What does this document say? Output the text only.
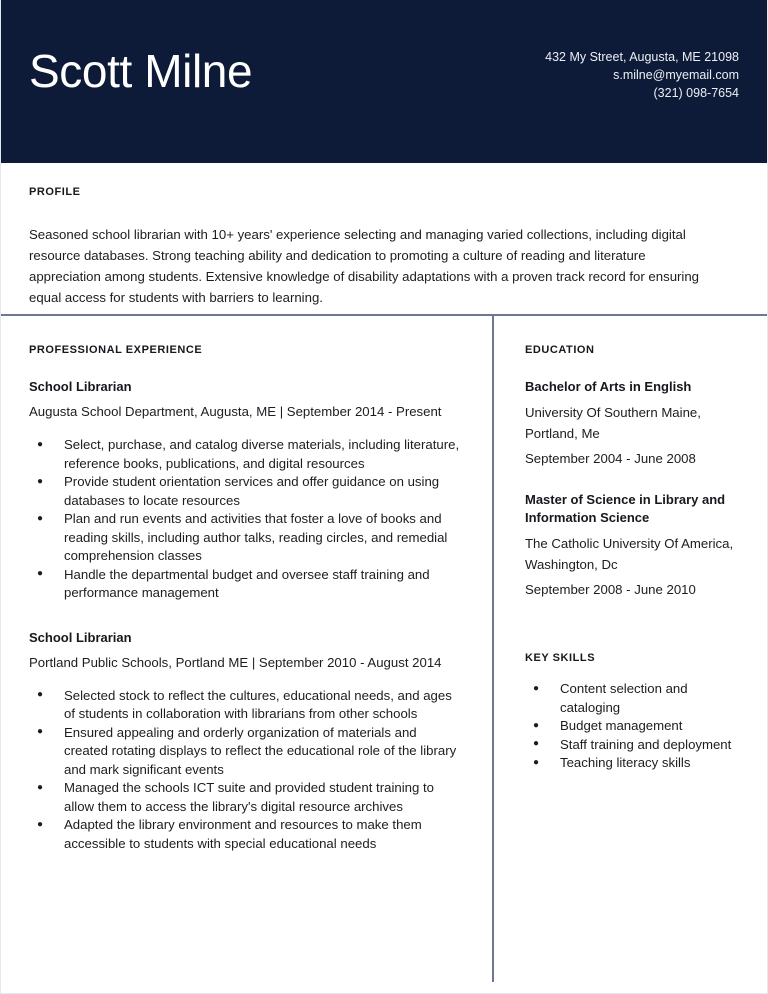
Scott Milne	432 My Street, Augusta, ME 21098
s.milne@myemail.com
(321) 098-7654
PROFILE
Seasoned school librarian with 10+ years' experience selecting and managing varied collections, including digital resource databases. Strong teaching ability and dedication to promoting a culture of reading and literature appreciation among students. Extensive knowledge of disability adaptations with a proven track record for ensuring equal access for students with barriers to learning.
PROFESSIONAL EXPERIENCE
School Librarian
Augusta School Department, Augusta, ME | September 2014 - Present
● Select, purchase, and catalog diverse materials, including literature, reference books, publications, and digital resources
● Provide student orientation services and offer guidance on using databases to locate resources
● Plan and run events and activities that foster a love of books and reading skills, including author talks, reading circles, and remedial comprehension classes
● Handle the departmental budget and oversee staff training and performance management
School Librarian
Portland Public Schools, Portland ME | September 2010 - August 2014
● Selected stock to reflect the cultures, educational needs, and ages of students in collaboration with librarians from other schools
● Ensured appealing and orderly organization of materials and created rotating displays to reflect the educational role of the library and mark significant events
● Managed the schools ICT suite and provided student training to allow them to access the library's digital resource archives
● Adapted the library environment and resources to make them accessible to students with special educational needs
EDUCATION
Bachelor of Arts in English
University Of Southern Maine, Portland, Me
September 2004 - June 2008
Master of Science in Library and Information Science
The Catholic University Of America, Washington, Dc
September 2008 - June 2010
KEY SKILLS
● Content selection and cataloging
● Budget management
● Staff training and deployment
● Teaching literacy skills
